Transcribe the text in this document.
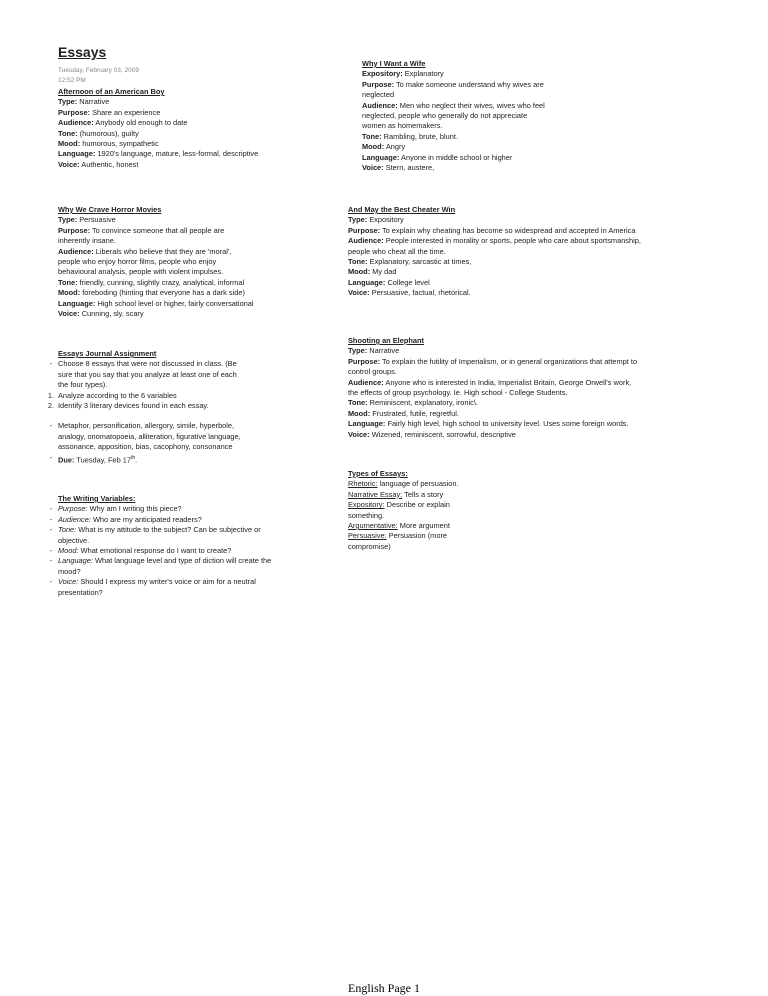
Essays
Tuesday, February 03, 2009
12:52 PM
Afternoon of an American Boy
Type: Narrative
Purpose: Share an experience
Audience: Anybody old enough to date
Tone: (humorous), guilty
Mood: humorous, sympathetic
Language: 1920's language, mature, less-formal, descriptive
Voice: Authentic, honest
Why I Want a Wife
Expository: Explanatory
Purpose: To make someone understand why wives are
neglected
Audience: Men who neglect their wives, wives who feel
neglected, people who generally do not appreciate
women as homemakers.
Tone: Rambling, brute, blunt.
Mood: Angry
Language: Anyone in middle school or higher
Voice: Stern, austere,
Why We Crave Horror Movies
Type: Persuasive
Purpose: To convince someone that all people are
inherently insane.
Audience: Liberals who believe that they are 'moral',
people who enjoy horror films, people who enjoy
behavioural analysis, people with violent impulses.
Tone: friendly, cunning, slightly crazy, analytical, informal
Mood: foreboding (hinting that everyone has a dark side)
Language: High school level or higher, fairly conversational
Voice: Cunning, sly, scary
And May the Best Cheater Win
Type: Expository
Purpose: To explain why cheating has become so widespread and accepted in America
Audience: People interested in morality or sports, people who care about sportsmanship,
people who cheat all the time.
Tone: Explanatory, sarcastic at times,
Mood: My dad
Language: College level
Voice: Persuasive, factual, rhetorical.
Essays Journal Assignment
- Choose 8 essays that were not discussed in class. (Be
sure that you say that you analyze at least one of each
the four types).
1. Analyze according to the 6 variables
2. Identify 3 literary devices found in each essay.
- Metaphor, personification, allergory, simile, hyperbole,
analogy, onomatopoeia, alliteration, figurative language,
assonance, apposition, bias, cacophony, consonance
- Due: Tuesday, Feb 17th.
Shooting an Elephant
Type: Narrative
Purpose: To explain the futility of Imperialism, or in general organizations that attempt to
control groups.
Audience: Anyone who is interested in India, Imperialist Britain, George Orwell's work,
the effects of group psychology. Ie. High school - College Students.
Tone: Reminiscent, explanatory, ironic\.
Mood: Frustrated, futile, regretful.
Language: Fairly high level, high school to university level. Uses some foreign words.
Voice: Wizened, reminiscent, sorrowful, descriptive
Types of Essays:
Rhetoric: language of persuasion.
Narrative Essay: Tells a story
Expository: Describe or explain
something.
Argumentative: More argument
Persuasive: Persuasion (more
compromise)
The Writing Variables:
- Purpose: Why am I writing this piece?
- Audience: Who are my anticipated readers?
- Tone: What is my attitude to the subject? Can be subjective or
objective.
- Mood: What emotional response do I want to create?
- Language: What language level and type of diction will create the
mood?
- Voice: Should I express my writer's voice or aim for a neutral
presentation?
English Page 1
